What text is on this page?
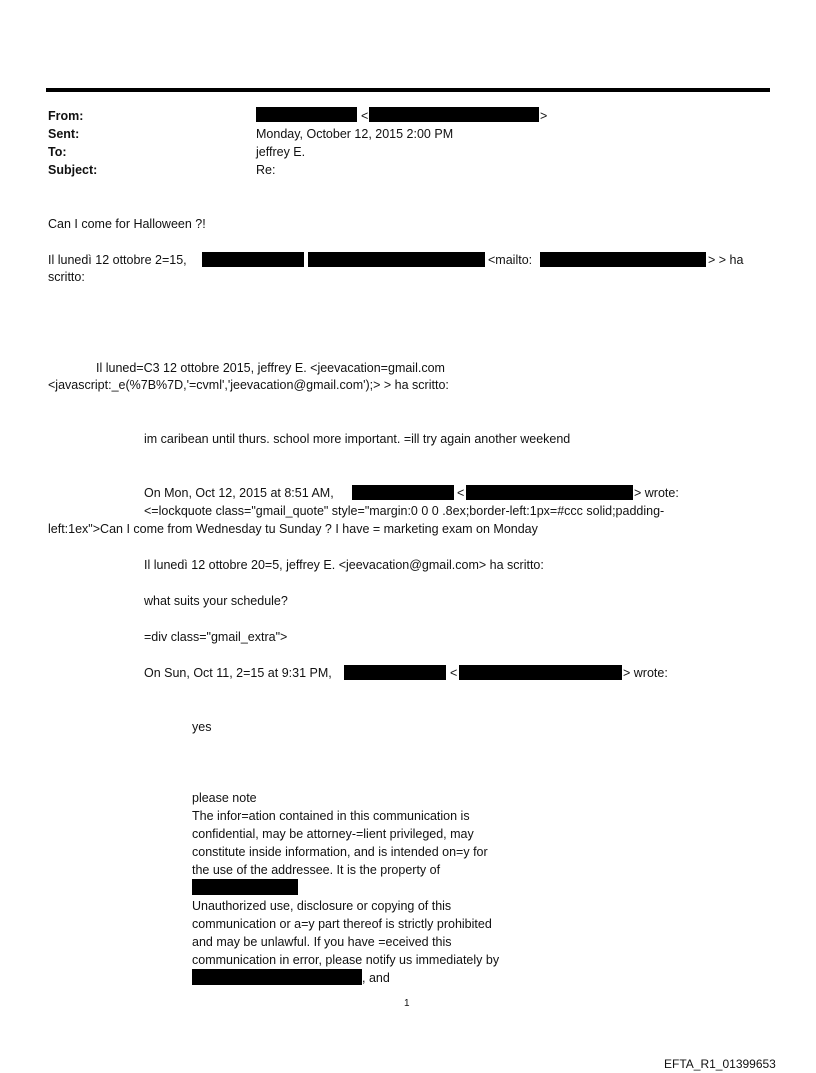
From:	<	>
Sent:	Monday, October 12, 2015 2:00 PM
To:	jeffrey E.
Subject:	Re:
Can I come for Halloween ?!
Il lunedì 12 ottobre 2=15,	<mailto:	> > ha
scritto:
Il luned=C3 12 ottobre 2015, jeffrey E. <jeevacation=gmail.com
<javascript:_e(%7B%7D,'=cvml','jeevacation@gmail.com');> > ha scritto:
im caribean until thurs. school more important. =ill try again another weekend
On Mon, Oct 12, 2015 at 8:51 AM,	<	> wrote:
<=lockquote class="gmail_quote" style="margin:0 0 0 .8ex;border-left:1px=#ccc solid;padding-
left:1ex">Can I come from Wednesday tu Sunday ? I have = marketing exam on Monday
Il lunedì 12 ottobre 20=5, jeffrey E. <jeevacation@gmail.com> ha scritto:
what suits your schedule?
=div class="gmail_extra">
On Sun, Oct 11, 2=15 at 9:31 PM,	<	> wrote:
yes
please note
The infor=ation contained in this communication is
confidential, may be attorney-=lient privileged, may
constitute inside information, and is intended on=y for
the use of the addressee. It is the property of
Unauthorized use, disclosure or copying of this
communication or a=y part thereof is strictly prohibited
and may be unlawful. If you have =eceived this
communication in error, please notify us immediately by
, and
1
EFTA_R1_01399653
